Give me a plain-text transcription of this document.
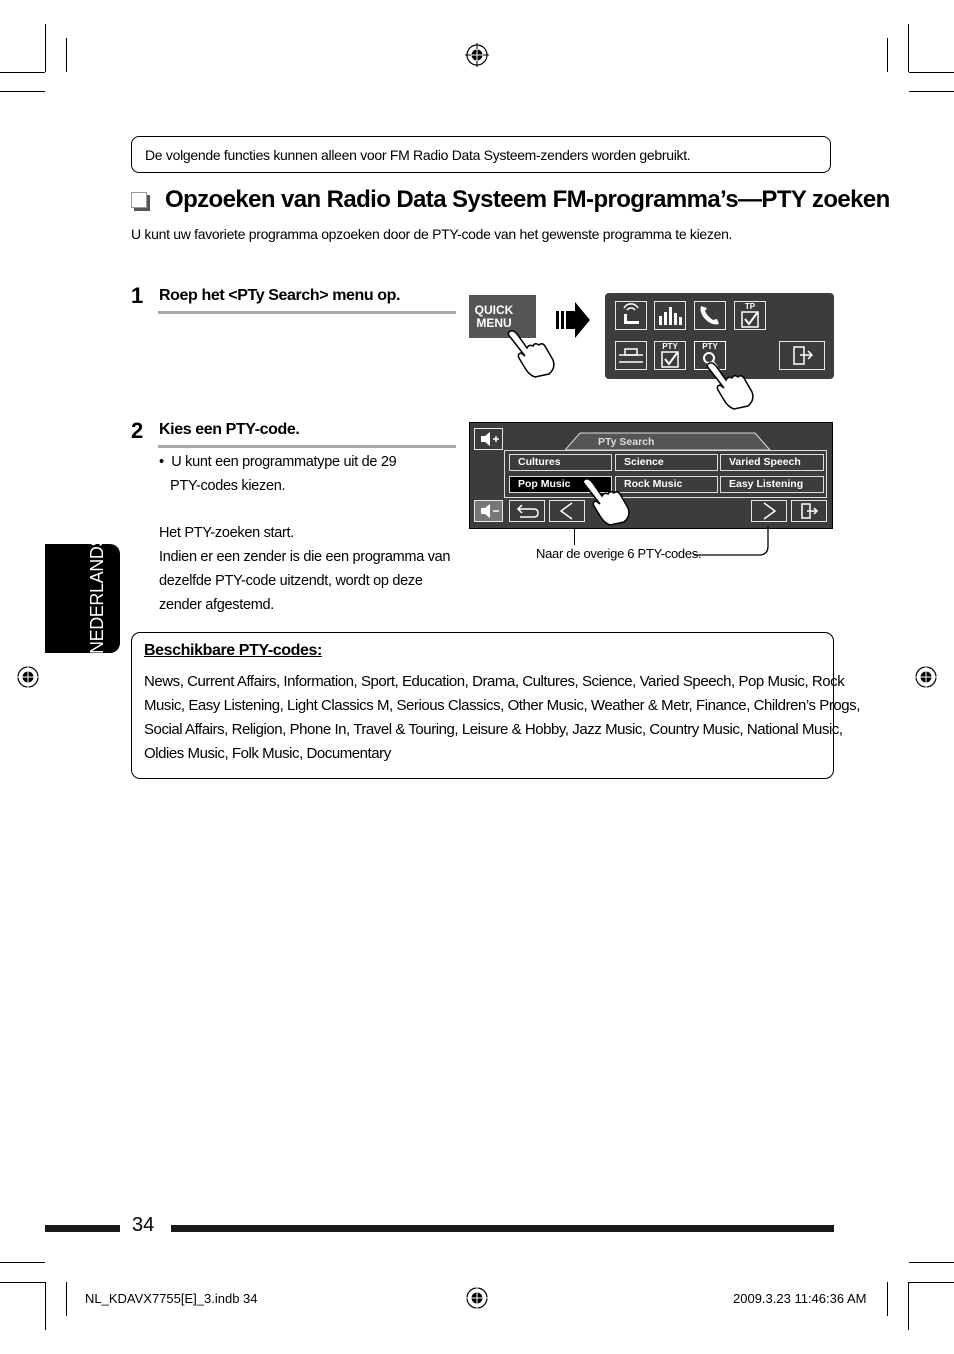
De volgende functies kunnen alleen voor FM Radio Data Systeem-zenders worden gebruikt.
Opzoeken van Radio Data Systeem FM-programma’s—PTY zoeken
U kunt uw favoriete programma opzoeken door de PTY-code van het gewenste programma te kiezen.
1 Roep het <PTy Search> menu op.
QUICK
MENU
TP
PTY	PTY
2 Kies een PTY-code.
•  U kunt een programmatype uit de 29
PTY-codes kiezen.
Het PTY-zoeken start.
Indien er een zender is die een programma van
dezelfde PTY-code uitzendt, wordt op deze
zender afgestemd.
PTy Search
Cultures	Science	Varied Speech
Pop Music	Rock Music	Easy Listening
Naar de overige 6 PTY-codes.
NEDERLANDS Beschikbare PTY-codes:
News, Current Affairs, Information, Sport, Education, Drama, Cultures, Science, Varied Speech, Pop Music, Rock
Music, Easy Listening, Light Classics M, Serious Classics, Other Music, Weather & Metr, Finance, Children’s Progs,
Social Affairs, Religion, Phone In, Travel & Touring, Leisure & Hobby, Jazz Music, Country Music, National Music,
Oldies Music, Folk Music, Documentary
34
NL_KDAVX7755[E]_3.indb 34	2009.3.23 11:46:36 AM
